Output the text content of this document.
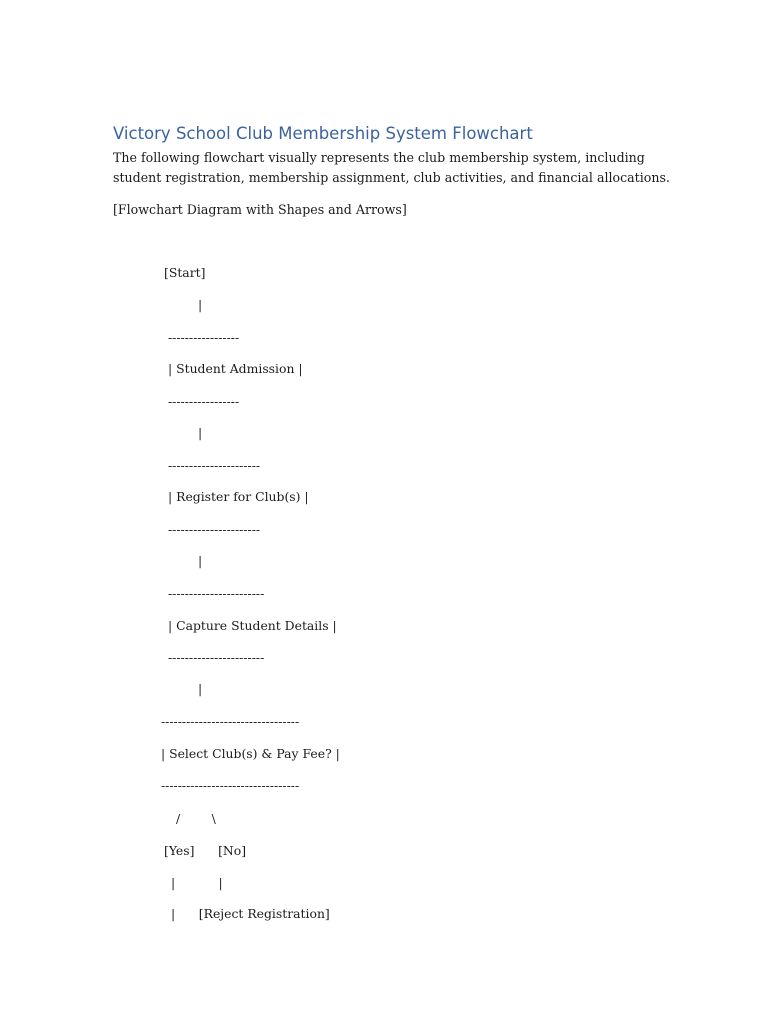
Victory School Club Membership System Flowchart
The following flowchart visually represents the club membership system, including student registration, membership assignment, club activities, and financial allocations.
[Flowchart Diagram with Shapes and Arrows]
[Start]
|
-----------------
| Student Admission |
-----------------
|
----------------------
| Register for Club(s) |
----------------------
|
-----------------------
| Capture Student Details |
-----------------------
|
---------------------------------
| Select Club(s) & Pay Fee? |
---------------------------------
/        \
[Yes]      [No]
|           |
|      [Reject Registration]
